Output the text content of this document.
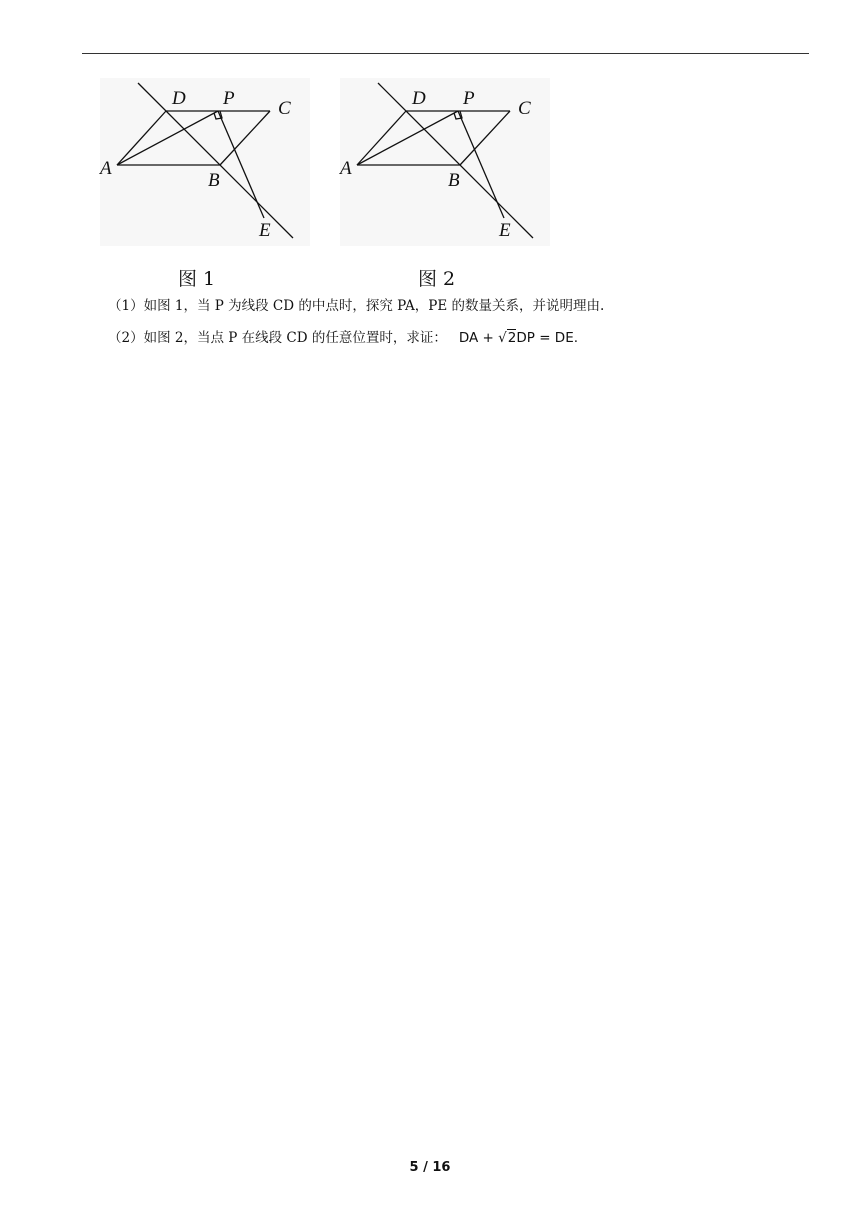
D P C
A
B
E
图 1
D P C
A
B
E
图 2
（1）如图 1，当 P 为线段 CD 的中点时，探究 PA，PE 的数量关系，并说明理由.
（2）如图 2，当点 P 在线段 CD 的任意位置时，求证： DA + √2DP = DE.
5 / 16
